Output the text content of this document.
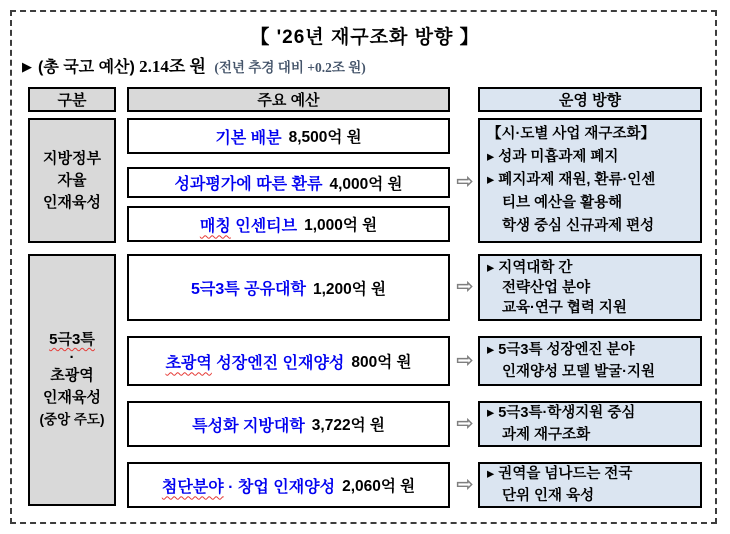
【 '26년 재구조화 방향 】
▶ (총 국고 예산) 2.14조 원 (전년 추경 대비 +0.2조 원)
구분	주요 예산	운영 방향
지방정부
자율
인재육성
5극3특
·
초광역
인재육성
(중앙 주도)
기본 배분 8,500억 원
성과평가에 따른 환류 4,000억 원
매칭 인센티브 1,000억 원
5극3특 공유대학 1,200억 원
초광역 성장엔진 인재양성 800억 원
특성화 지방대학 3,722억 원
첨단분야 · 창업 인재양성 2,060억 원
⇨
⇨
⇨
⇨
⇨
【시·도별 사업 재구조화】
▸ 성과 미흡과제 폐지
▸ 폐지과제 재원, 환류·인센
티브 예산을 활용해
학생 중심 신규과제 편성
▸ 지역대학 간
전략산업 분야
교육·연구 협력 지원
▸ 5극3특 성장엔진 분야
인재양성 모델 발굴·지원
▸ 5극3특·학생지원 중심
과제 재구조화
▸ 권역을 넘나드는 전국
단위 인재 육성
